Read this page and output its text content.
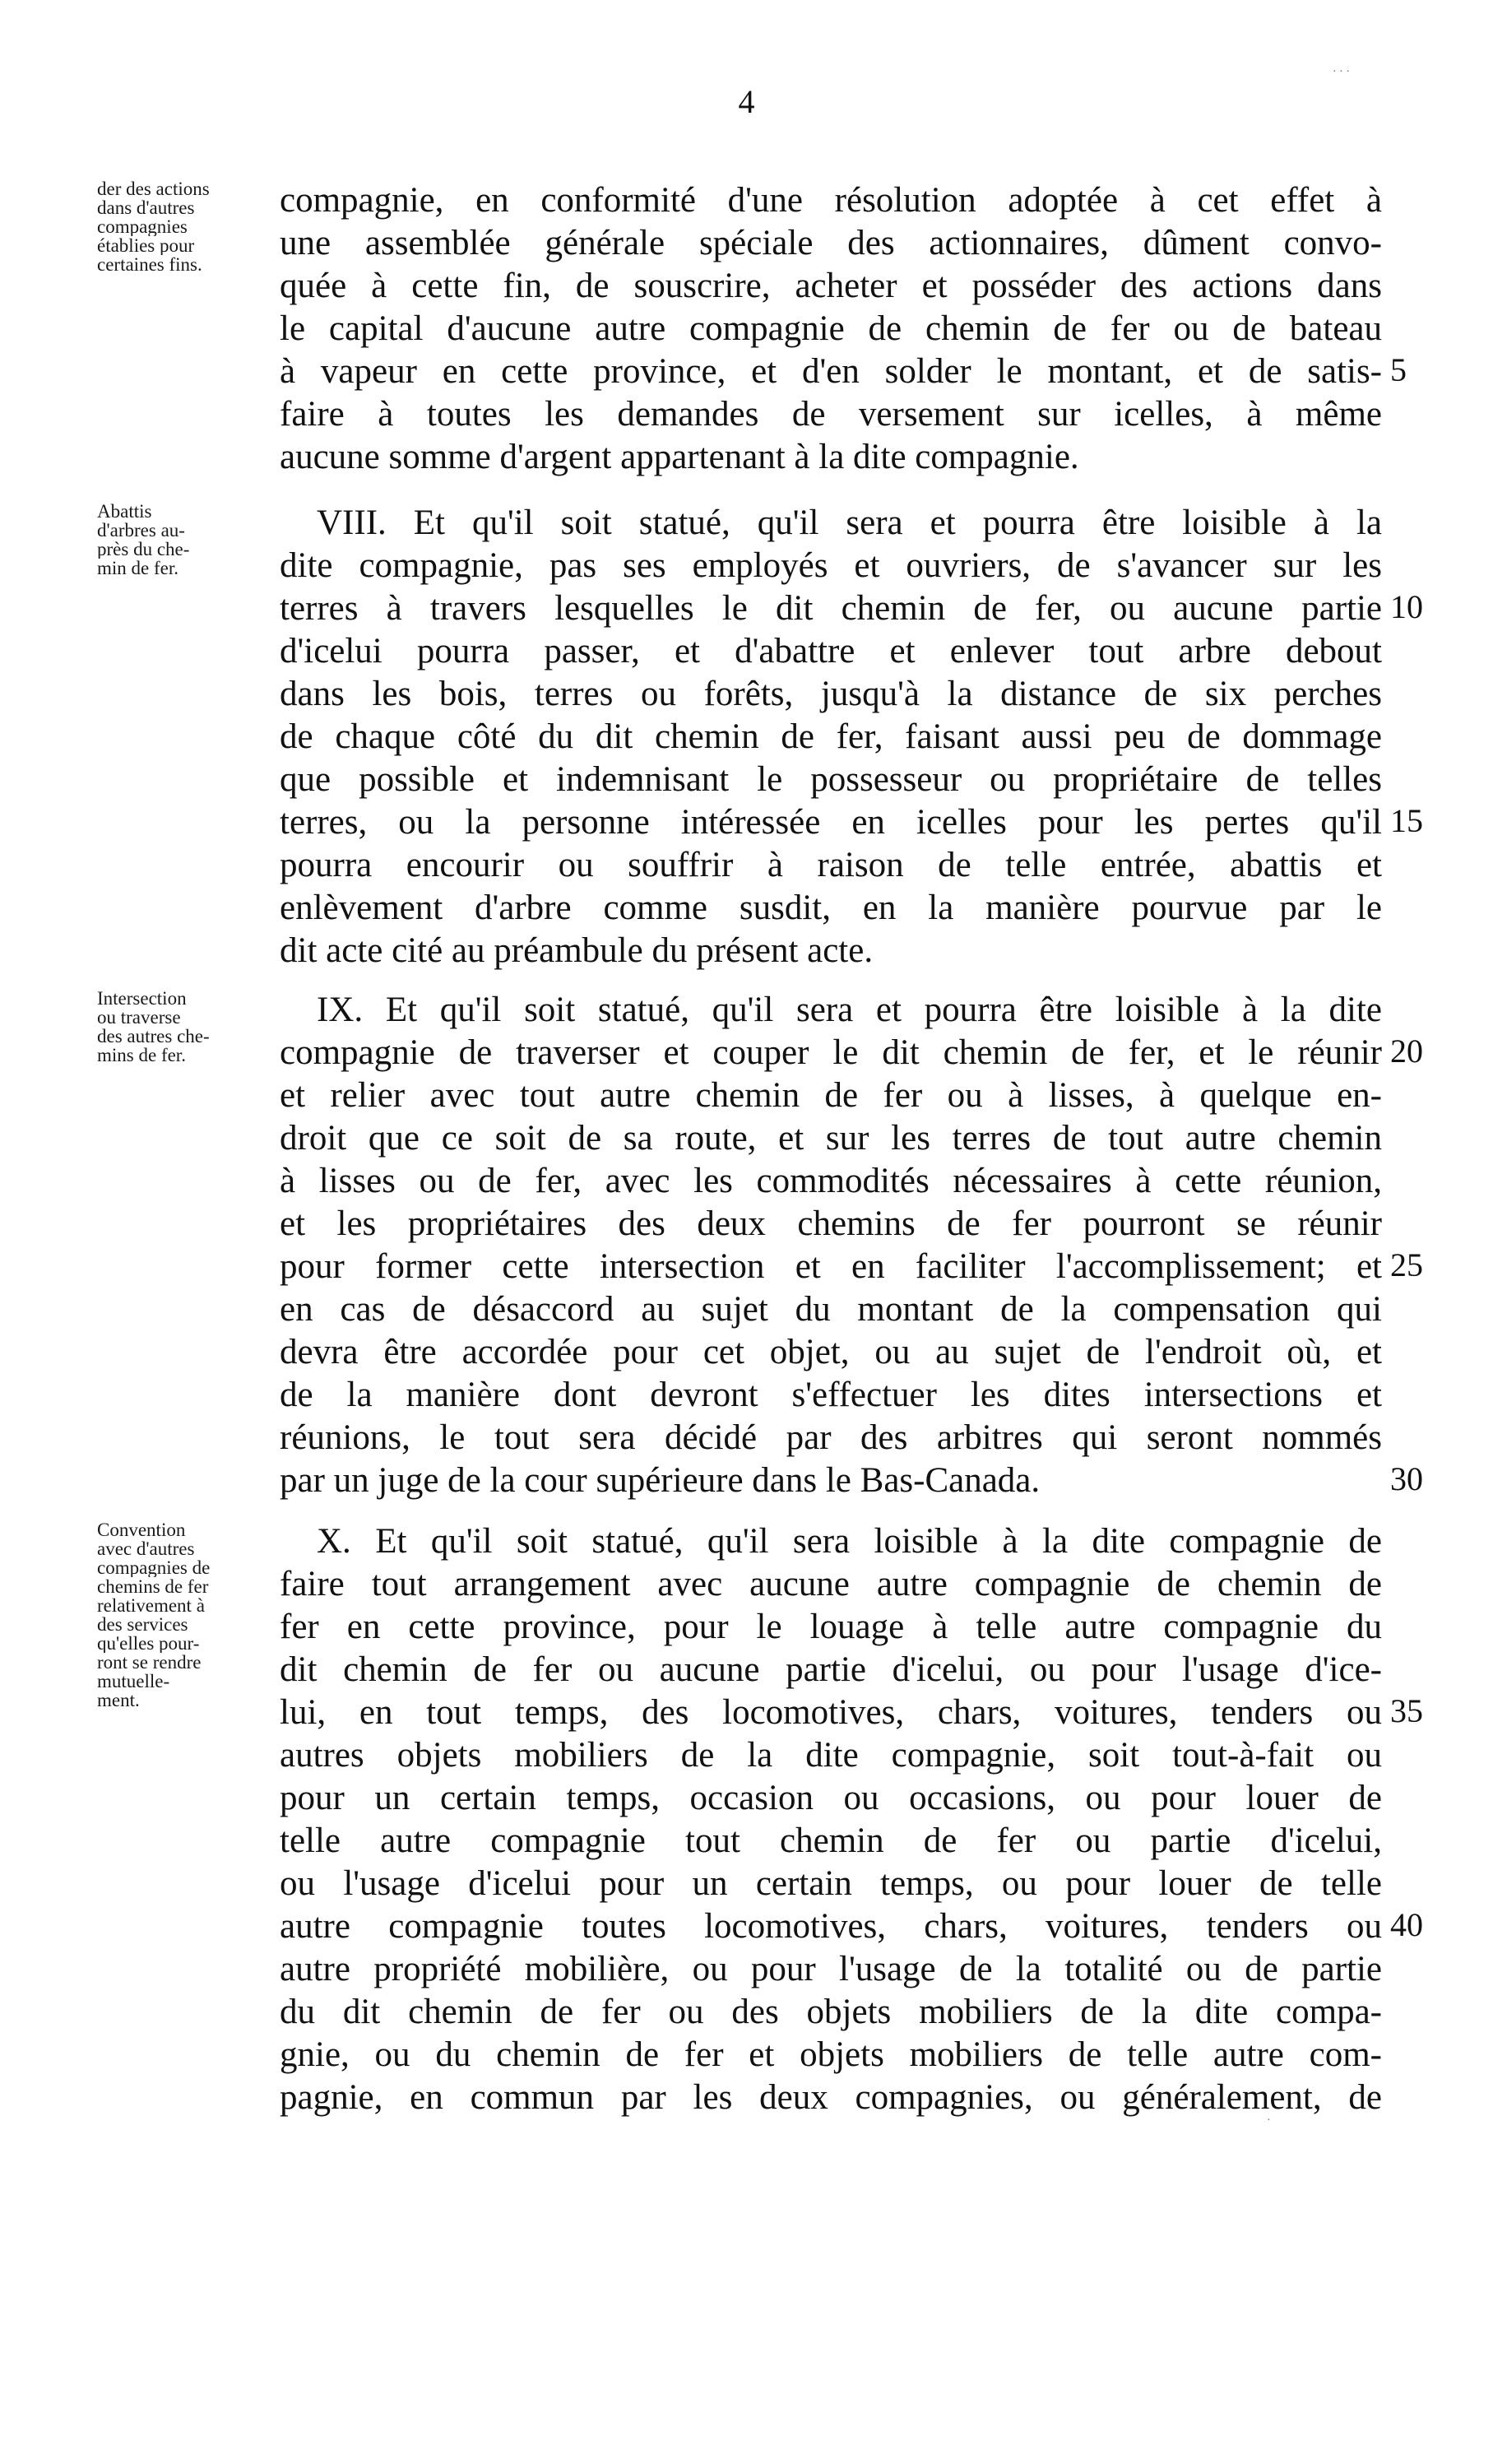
4
der des actions
dans d'autres
compagnies
établies pour
certaines fins.
compagnie, en conformité d'une résolution adoptée à cet effet à
une assemblée générale spéciale des actionnaires, dûment convo-
quée à cette fin, de souscrire, acheter et posséder des actions dans
le capital d'aucune autre compagnie de chemin de fer ou de bateau
à vapeur en cette province, et d'en solder le montant, et de satis-
faire à toutes les demandes de versement sur icelles, à même
aucune somme d'argent appartenant à la dite compagnie.
5
Abattis
d'arbres au-
près du che-
min de fer.
VIII. Et qu'il soit statué, qu'il sera et pourra être loisible à la
dite compagnie, pas ses employés et ouvriers, de s'avancer sur les
terres à travers lesquelles le dit chemin de fer, ou aucune partie
d'icelui pourra passer, et d'abattre et enlever tout arbre debout
dans les bois, terres ou forêts, jusqu'à la distance de six perches
de chaque côté du dit chemin de fer, faisant aussi peu de dommage
que possible et indemnisant le possesseur ou propriétaire de telles
terres, ou la personne intéressée en icelles pour les pertes qu'il
pourra encourir ou souffrir à raison de telle entrée, abattis et
enlèvement d'arbre comme susdit, en la manière pourvue par le
dit acte cité au préambule du présent acte.
10
15
Intersection
ou traverse
des autres che-
mins de fer.
IX. Et qu'il soit statué, qu'il sera et pourra être loisible à la dite
compagnie de traverser et couper le dit chemin de fer, et le réunir
et relier avec tout autre chemin de fer ou à lisses, à quelque en-
droit que ce soit de sa route, et sur les terres de tout autre chemin
à lisses ou de fer, avec les commodités nécessaires à cette réunion,
et les propriétaires des deux chemins de fer pourront se réunir
pour former cette intersection et en faciliter l'accomplissement; et
en cas de désaccord au sujet du montant de la compensation qui
devra être accordée pour cet objet, ou au sujet de l'endroit où, et
de la manière dont devront s'effectuer les dites intersections et
réunions, le tout sera décidé par des arbitres qui seront nommés
par un juge de la cour supérieure dans le Bas-Canada.
20
25
30
Convention
avec d'autres
compagnies de
chemins de fer
relativement à
des services
qu'elles pour-
ront se rendre
mutuelle-
ment.
X. Et qu'il soit statué, qu'il sera loisible à la dite compagnie de
faire tout arrangement avec aucune autre compagnie de chemin de
fer en cette province, pour le louage à telle autre compagnie du
dit chemin de fer ou aucune partie d'icelui, ou pour l'usage d'ice-
lui, en tout temps, des locomotives, chars, voitures, tenders ou
autres objets mobiliers de la dite compagnie, soit tout-à-fait ou
pour un certain temps, occasion ou occasions, ou pour louer de
telle autre compagnie tout chemin de fer ou partie d'icelui,
ou l'usage d'icelui pour un certain temps, ou pour louer de telle
autre compagnie toutes locomotives, chars, voitures, tenders ou
autre propriété mobilière, ou pour l'usage de la totalité ou de partie
du dit chemin de fer ou des objets mobiliers de la dite compa-
gnie, ou du chemin de fer et objets mobiliers de telle autre com-
pagnie, en commun par les deux compagnies, ou généralement, de
35
40
· · ·
·
